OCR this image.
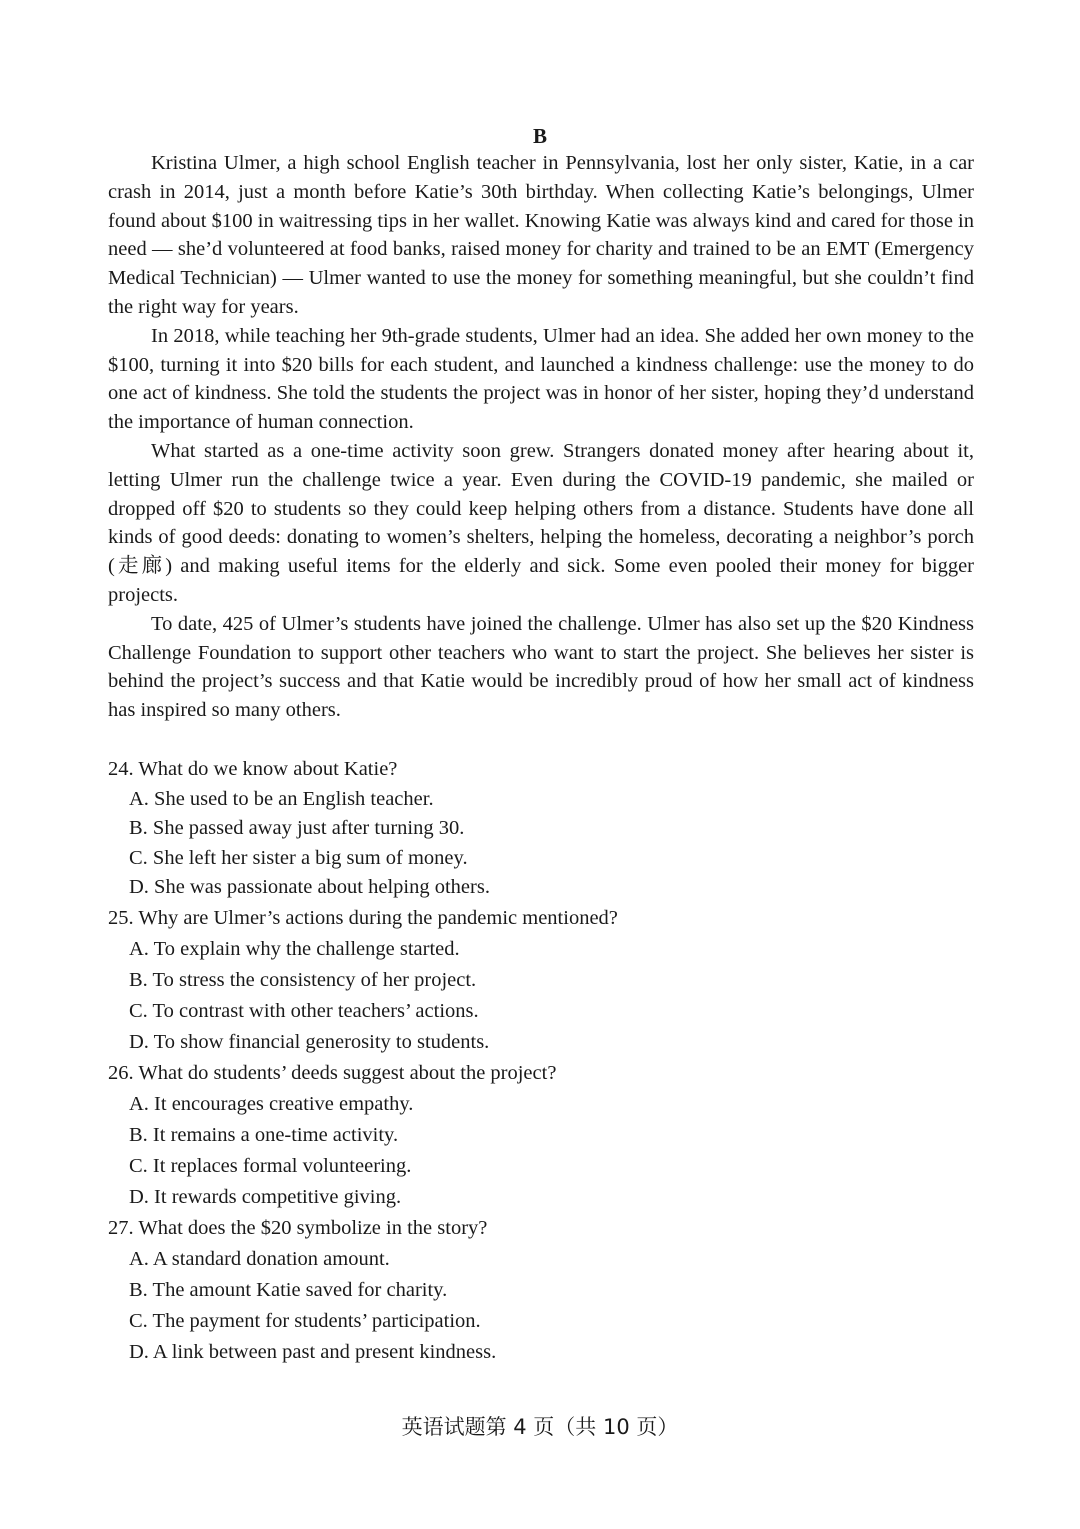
B

Kristina Ulmer, a high school English teacher in Pennsylvania, lost her only sister, Katie, in a car crash in 2014, just a month before Katie’s 30th birthday. When collecting Katie’s belongings, Ulmer found about $100 in waitressing tips in her wallet. Knowing Katie was always kind and cared for those in need — she’d volunteered at food banks, raised money for charity and trained to be an EMT (Emergency Medical Technician) — Ulmer wanted to use the money for something meaningful, but she couldn’t find the right way for years.

In 2018, while teaching her 9th-grade students, Ulmer had an idea. She added her own money to the $100, turning it into $20 bills for each student, and launched a kindness challenge: use the money to do one act of kindness. She told the students the project was in honor of her sister, hoping they’d understand the importance of human connection.

What started as a one-time activity soon grew. Strangers donated money after hearing about it, letting Ulmer run the challenge twice a year. Even during the COVID-19 pandemic, she mailed or dropped off $20 to students so they could keep helping others from a distance. Students have done all kinds of good deeds: donating to women’s shelters, helping the homeless, decorating a neighbor’s porch (走廊) and making useful items for the elderly and sick. Some even pooled their money for bigger projects.

To date, 425 of Ulmer’s students have joined the challenge. Ulmer has also set up the $20 Kindness Challenge Foundation to support other teachers who want to start the project. She believes her sister is behind the project’s success and that Katie would be incredibly proud of how her small act of kindness has inspired so many others.

24. What do we know about Katie?
A. She used to be an English teacher.
B. She passed away just after turning 30.
C. She left her sister a big sum of money.
D. She was passionate about helping others.
25. Why are Ulmer’s actions during the pandemic mentioned?
A. To explain why the challenge started.
B. To stress the consistency of her project.
C. To contrast with other teachers’ actions.
D. To show financial generosity to students.
26. What do students’ deeds suggest about the project?
A. It encourages creative empathy.
B. It remains a one-time activity.
C. It replaces formal volunteering.
D. It rewards competitive giving.
27. What does the $20 symbolize in the story?
A. A standard donation amount.
B. The amount Katie saved for charity.
C. The payment for students’ participation.
D. A link between past and present kindness.
英语试题第 4 页（共 10 页）
